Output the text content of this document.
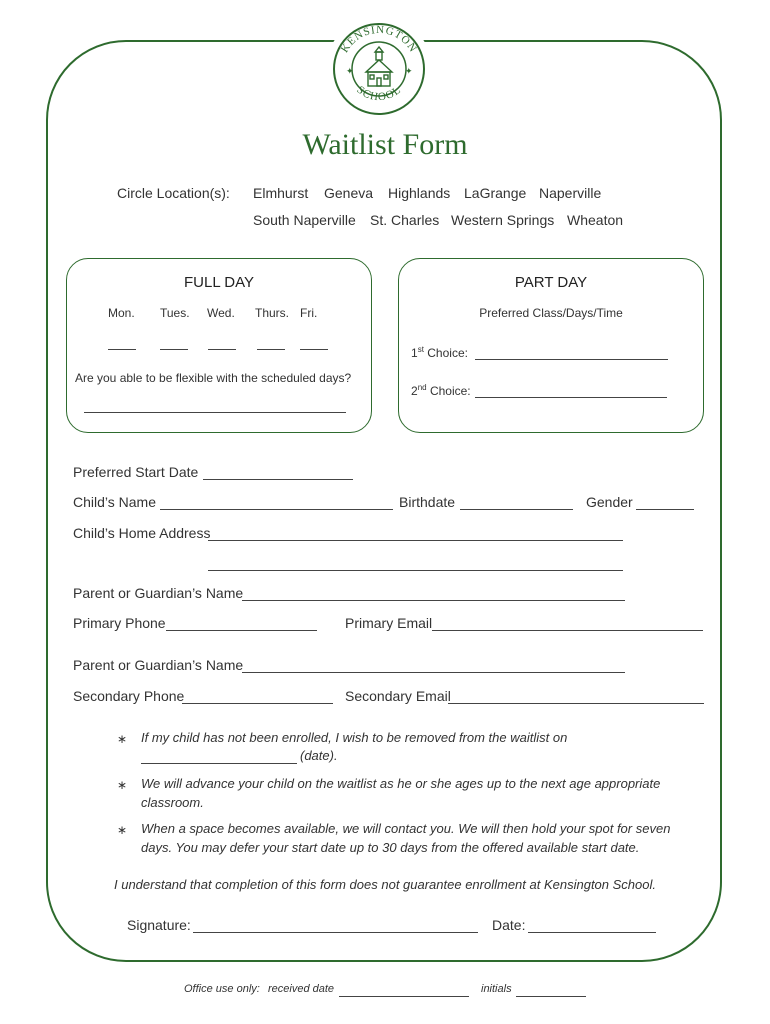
KENSINGTON
SCHOOL
✦	✦
Waitlist Form
Circle Location(s): Elmhurst Geneva Highlands LaGrange Naperville
South Naperville St. Charles Western Springs Wheaton
FULL DAY
Mon. Tues. Wed. Thurs. Fri.
Are you able to be flexible with the scheduled days?
PART DAY
Preferred Class/Days/Time
1st Choice:
2nd Choice:
Preferred Start Date
Child’s Name	Birthdate	Gender
Child’s Home Address
Parent or Guardian’s Name
Primary Phone	Primary Email
Parent or Guardian’s Name
Secondary Phone	Secondary Email
∗ If my child has not been enrolled, I wish to be removed from the waitlist on
(date).
∗ We will advance your child on the waitlist as he or she ages up to the next age appropriate
classroom.
∗ When a space becomes available, we will contact you. We will then hold your spot for seven
days. You may defer your start date up to 30 days from the offered available start date.
I understand that completion of this form does not guarantee enrollment at Kensington School.
Signature:	Date:
Office use only: received date	initials
